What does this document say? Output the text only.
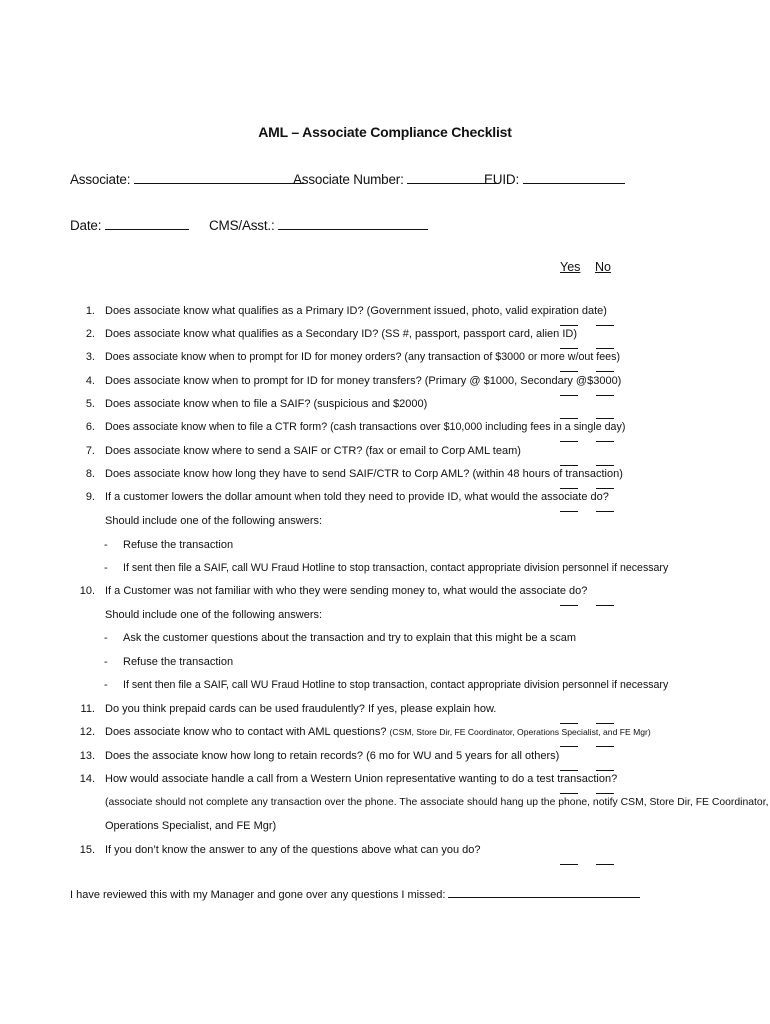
AML – Associate Compliance Checklist
Associate:	Associate Number:	EUID:
Date:	CMS/Asst.:
Yes No
1. Does associate know what qualifies as a Primary ID? (Government issued, photo, valid expiration date)
2. Does associate know what qualifies as a Secondary ID? (SS #, passport, passport card, alien ID)
3. Does associate know when to prompt for ID for money orders? (any transaction of $3000 or more w/out fees)
4. Does associate know when to prompt for ID for money transfers? (Primary @ $1000, Secondary @$3000)
5. Does associate know when to file a SAIF? (suspicious and $2000)
6. Does associate know when to file a CTR form? (cash transactions over $10,000 including fees in a single day)
7. Does associate know where to send a SAIF or CTR? (fax or email to Corp AML team)
8. Does associate know how long they have to send SAIF/CTR to Corp AML? (within 48 hours of transaction)
9. If a customer lowers the dollar amount when told they need to provide ID, what would the associate do?
Should include one of the following answers:
- Refuse the transaction
- If sent then file a SAIF, call WU Fraud Hotline to stop transaction, contact appropriate division personnel if necessary
10. If a Customer was not familiar with who they were sending money to, what would the associate do?
Should include one of the following answers:
- Ask the customer questions about the transaction and try to explain that this might be a scam
- Refuse the transaction
- If sent then file a SAIF, call WU Fraud Hotline to stop transaction, contact appropriate division personnel if necessary
11. Do you think prepaid cards can be used fraudulently? If yes, please explain how.
12. Does associate know who to contact with AML questions? (CSM, Store Dir, FE Coordinator, Operations Specialist, and FE Mgr)
13. Does the associate know how long to retain records? (6 mo for WU and 5 years for all others)
14. How would associate handle a call from a Western Union representative wanting to do a test transaction?
(associate should not complete any transaction over the phone. The associate should hang up the phone, notify CSM, Store Dir, FE Coordinator,
Operations Specialist, and FE Mgr)
15. If you don’t know the answer to any of the questions above what can you do?
I have reviewed this with my Manager and gone over any questions I missed:
